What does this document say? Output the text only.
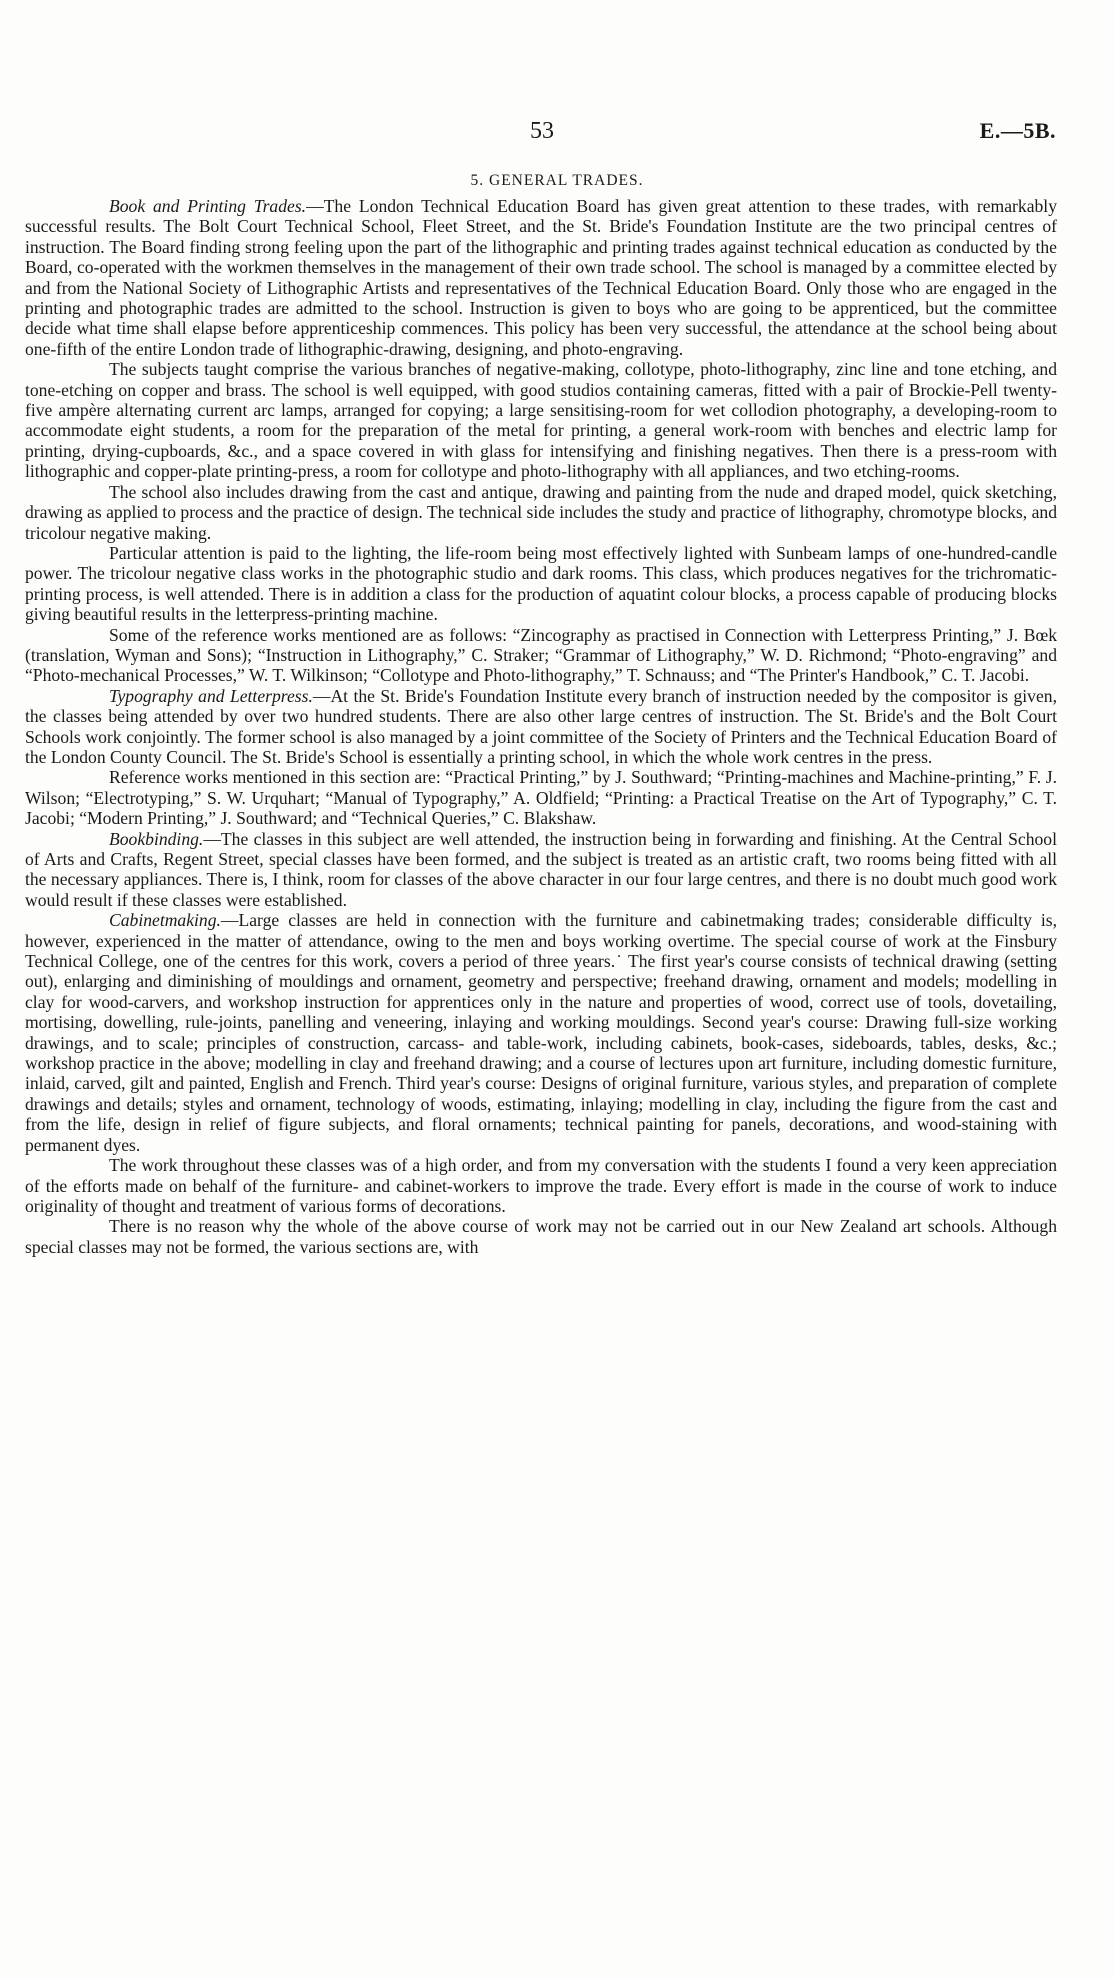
53	E.—5B.
5. GENERAL TRADES.

Book and Printing Trades.—The London Technical Education Board has given great attention to these trades, with remarkably successful results. The Bolt Court Technical School, Fleet Street, and the St. Bride's Foundation Institute are the two principal centres of instruction. The Board finding strong feeling upon the part of the lithographic and printing trades against technical education as conducted by the Board, co-operated with the workmen themselves in the management of their own trade school. The school is managed by a committee elected by and from the National Society of Lithographic Artists and representatives of the Technical Education Board. Only those who are engaged in the printing and photographic trades are admitted to the school. Instruction is given to boys who are going to be apprenticed, but the committee decide what time shall elapse before apprenticeship commences. This policy has been very successful, the attendance at the school being about one-fifth of the entire London trade of lithographic-drawing, designing, and photo-engraving.

The subjects taught comprise the various branches of negative-making, collotype, photo-lithography, zinc line and tone etching, and tone-etching on copper and brass. The school is well equipped, with good studios containing cameras, fitted with a pair of Brockie-Pell twenty-five ampère alternating current arc lamps, arranged for copying; a large sensitising-room for wet collodion photography, a developing-room to accommodate eight students, a room for the preparation of the metal for printing, a general work-room with benches and electric lamp for printing, drying-cupboards, &c., and a space covered in with glass for intensifying and finishing negatives. Then there is a press-room with lithographic and copper-plate printing-press, a room for collotype and photo-lithography with all appliances, and two etching-rooms.

The school also includes drawing from the cast and antique, drawing and painting from the nude and draped model, quick sketching, drawing as applied to process and the practice of design. The technical side includes the study and practice of lithography, chromotype blocks, and tricolour negative making.

Particular attention is paid to the lighting, the life-room being most effectively lighted with Sunbeam lamps of one-hundred-candle power. The tricolour negative class works in the photographic studio and dark rooms. This class, which produces negatives for the trichromatic-printing process, is well attended. There is in addition a class for the production of aquatint colour blocks, a process capable of producing blocks giving beautiful results in the letterpress-printing machine.

Some of the reference works mentioned are as follows: “Zincography as practised in Connection with Letterpress Printing,” J. Bœk (translation, Wyman and Sons); “Instruction in Lithography,” C. Straker; “Grammar of Lithography,” W. D. Richmond; “Photo-engraving” and “Photo-mechanical Processes,” W. T. Wilkinson; “Collotype and Photo-lithography,” T. Schnauss; and “The Printer's Handbook,” C. T. Jacobi.

Typography and Letterpress.—At the St. Bride's Foundation Institute every branch of instruction needed by the compositor is given, the classes being attended by over two hundred students. There are also other large centres of instruction. The St. Bride's and the Bolt Court Schools work conjointly. The former school is also managed by a joint committee of the Society of Printers and the Technical Education Board of the London County Council. The St. Bride's School is essentially a printing school, in which the whole work centres in the press.

Reference works mentioned in this section are: “Practical Printing,” by J. Southward; “Printing-machines and Machine-printing,” F. J. Wilson; “Electrotyping,” S. W. Urquhart; “Manual of Typography,” A. Oldfield; “Printing: a Practical Treatise on the Art of Typography,” C. T. Jacobi; “Modern Printing,” J. Southward; and “Technical Queries,” C. Blakshaw.

Bookbinding.—The classes in this subject are well attended, the instruction being in forwarding and finishing. At the Central School of Arts and Crafts, Regent Street, special classes have been formed, and the subject is treated as an artistic craft, two rooms being fitted with all the necessary appliances. There is, I think, room for classes of the above character in our four large centres, and there is no doubt much good work would result if these classes were established.

Cabinetmaking.—Large classes are held in connection with the furniture and cabinetmaking trades; considerable difficulty is, however, experienced in the matter of attendance, owing to the men and boys working overtime. The special course of work at the Finsbury Technical College, one of the centres for this work, covers a period of three years.˙ The first year's course consists of technical drawing (setting out), enlarging and diminishing of mouldings and ornament, geometry and perspective; freehand drawing, ornament and models; modelling in clay for wood-carvers, and workshop instruction for apprentices only in the nature and properties of wood, correct use of tools, dovetailing, mortising, dowelling, rule-joints, panelling and veneering, inlaying and working mouldings. Second year's course: Drawing full-size working drawings, and to scale; principles of construction, carcass- and table-work, including cabinets, book-cases, sideboards, tables, desks, &c.; workshop practice in the above; modelling in clay and freehand drawing; and a course of lectures upon art furniture, including domestic furniture, inlaid, carved, gilt and painted, English and French. Third year's course: Designs of original furniture, various styles, and preparation of complete drawings and details; styles and ornament, technology of woods, estimating, inlaying; modelling in clay, including the figure from the cast and from the life, design in relief of figure subjects, and floral ornaments; technical painting for panels, decorations, and wood-staining with permanent dyes.

The work throughout these classes was of a high order, and from my conversation with the students I found a very keen appreciation of the efforts made on behalf of the furniture- and cabinet-workers to improve the trade. Every effort is made in the course of work to induce originality of thought and treatment of various forms of decorations.

There is no reason why the whole of the above course of work may not be carried out in our New Zealand art schools. Although special classes may not be formed, the various sections are, with
